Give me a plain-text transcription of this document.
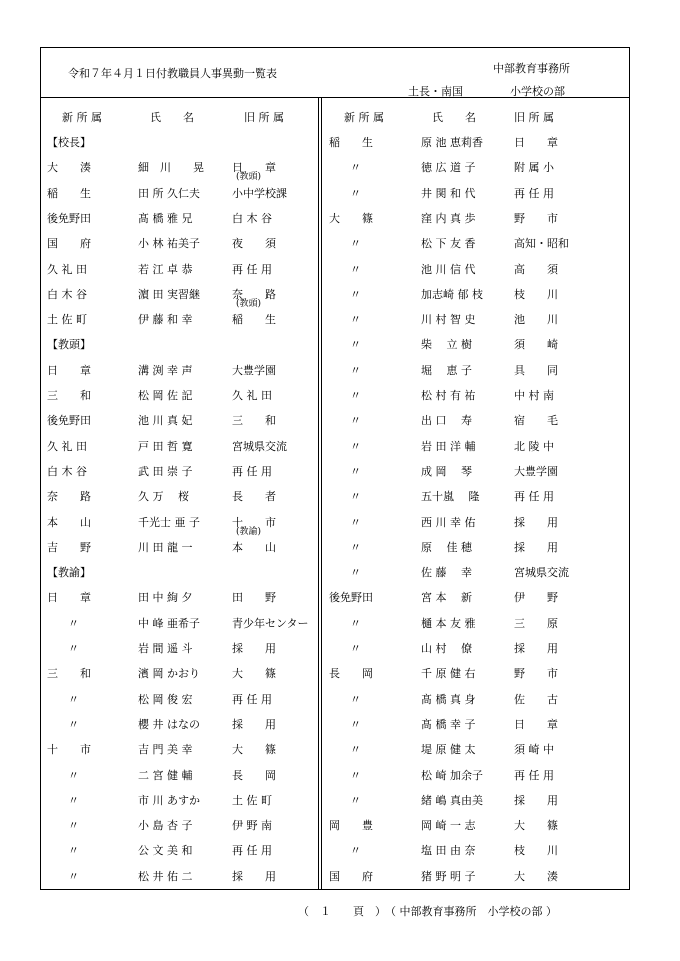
令和７年４月１日付教職員人事異動一覧表	中部教育事務所
土長・南国	小学校の部
新 所 属	氏　　名	旧 所 属	新 所 属	氏　　名	旧 所 属
【校長】
大　　湊	細　川　　晃	日　　章
(教頭)
稲　　生	田 所 久仁夫	小中学校課
後免野田	髙 橋 雅 兄	白 木 谷
国　　府	小 林 祐美子	夜　　須
久 礼 田	若 江 卓 恭	再 任 用
白 木 谷	濵 田 実習継	奈　　路
(教頭)
土 佐 町	伊 藤 和 幸	稲　　生
【教頭】
日　　章	溝 渕 幸 声	大豊学園
三　　和	松 岡 佐 記	久 礼 田
後免野田	池 川 真 妃	三　　和
久 礼 田	戸 田 哲 寛	宮城県交流
白 木 谷	武 田 崇 子	再 任 用
奈　　路	久 万　 桜	長　　者
本　　山	千光士 亜 子	十　　市
(教諭)
吉　　野	川 田 龍 一	本　　山
【教諭】
日　　章	田 中 絢 夕	田　　野
〃	中 峰 亜希子	青少年センター
〃	岩 間 遥 斗	採　　用
三　　和	濱 岡 かおり	大　　篠
〃	松 岡 俊 宏	再 任 用
〃	櫻 井 はなの	採　　用
十　　市	吉 門 美 幸	大　　篠
〃	二 宮 健 輔	長　　岡
〃	市 川 あすか	土 佐 町
〃	小 島 杏 子	伊 野 南
〃	公 文 美 和	再 任 用
〃	松 井 佑 二	採　　用
稲　　生	原 池 恵莉香	日　　章
〃	徳 広 道 子	附 属 小
〃	井 関 和 代	再 任 用
大　　篠	窪 内 真 歩	野　　市
〃	松 下 友 香	高知・昭和
〃	池 川 信 代	高　　須
〃	加志崎 郁 枝	枝　　川
〃	川 村 智 史	池　　川
〃	柴　 立 樹	須　　崎
〃	堀　 恵 子	具　　同
〃	松 村 有 祐	中 村 南
〃	出 口　 寿	宿　　毛
〃	岩 田 洋 輔	北 陵 中
〃	成 岡　 琴	大豊学園
〃	五十嵐　 隆	再 任 用
〃	西 川 幸 佑	採　　用
〃	原　 佳 穂	採　　用
〃	佐 藤　 幸	宮城県交流
後免野田	宮 本　 新	伊　　野
〃	樋 本 友 雅	三　　原
〃	山 村　 僚	採　　用
長　　岡	千 原 健 右	野　　市
〃	髙 橋 真 身	佐　　古
〃	髙 橋 幸 子	日　　章
〃	堤 原 健 太	須 崎 中
〃	松 崎 加余子	再 任 用
〃	緒 嶋 真由美	採　　用
岡　　豊	岡 崎 一 志	大　　篠
〃	塩 田 由 奈	枝　　川
国　　府	猪 野 明 子	大　　湊
（　１　　頁　） （ 中部教育事務所　小学校の部 ）
